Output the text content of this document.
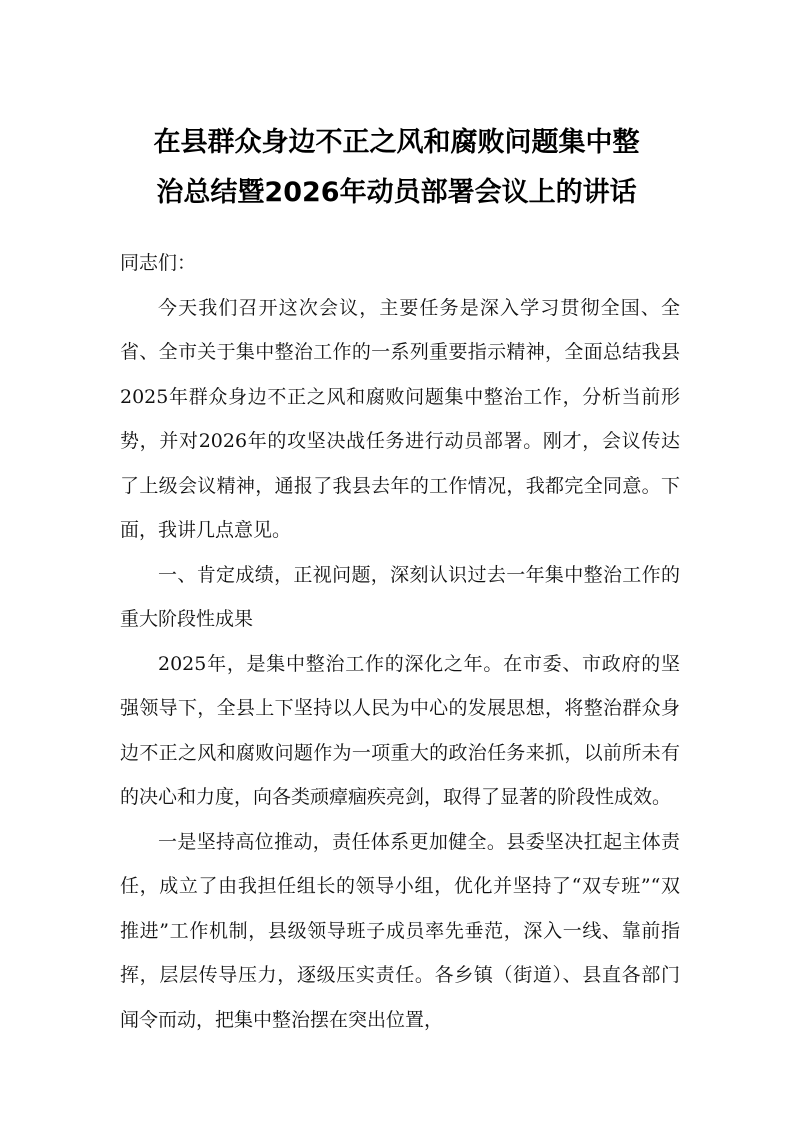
在县群众身边不正之风和腐败问题集中整
治总结暨2026年动员部署会议上的讲话

同志们：

今天我们召开这次会议，主要任务是深入学习贯彻全国、全省、全市关于集中整治工作的一系列重要指示精神，全面总结我县2025年群众身边不正之风和腐败问题集中整治工作，分析当前形势，并对2026年的攻坚决战任务进行动员部署。刚才，会议传达了上级会议精神，通报了我县去年的工作情况，我都完全同意。下面，我讲几点意见。

一、肯定成绩，正视问题，深刻认识过去一年集中整治工作的重大阶段性成果

2025年，是集中整治工作的深化之年。在市委、市政府的坚强领导下，全县上下坚持以人民为中心的发展思想，将整治群众身边不正之风和腐败问题作为一项重大的政治任务来抓，以前所未有的决心和力度，向各类顽瘴痼疾亮剑，取得了显著的阶段性成效。

一是坚持高位推动，责任体系更加健全。县委坚决扛起主体责任，成立了由我担任组长的领导小组，优化并坚持了“双专班”“双推进”工作机制，县级领导班子成员率先垂范，深入一线、靠前指挥，层层传导压力，逐级压实责任。各乡镇（街道）、县直各部门闻令而动，把集中整治摆在突出位置，
